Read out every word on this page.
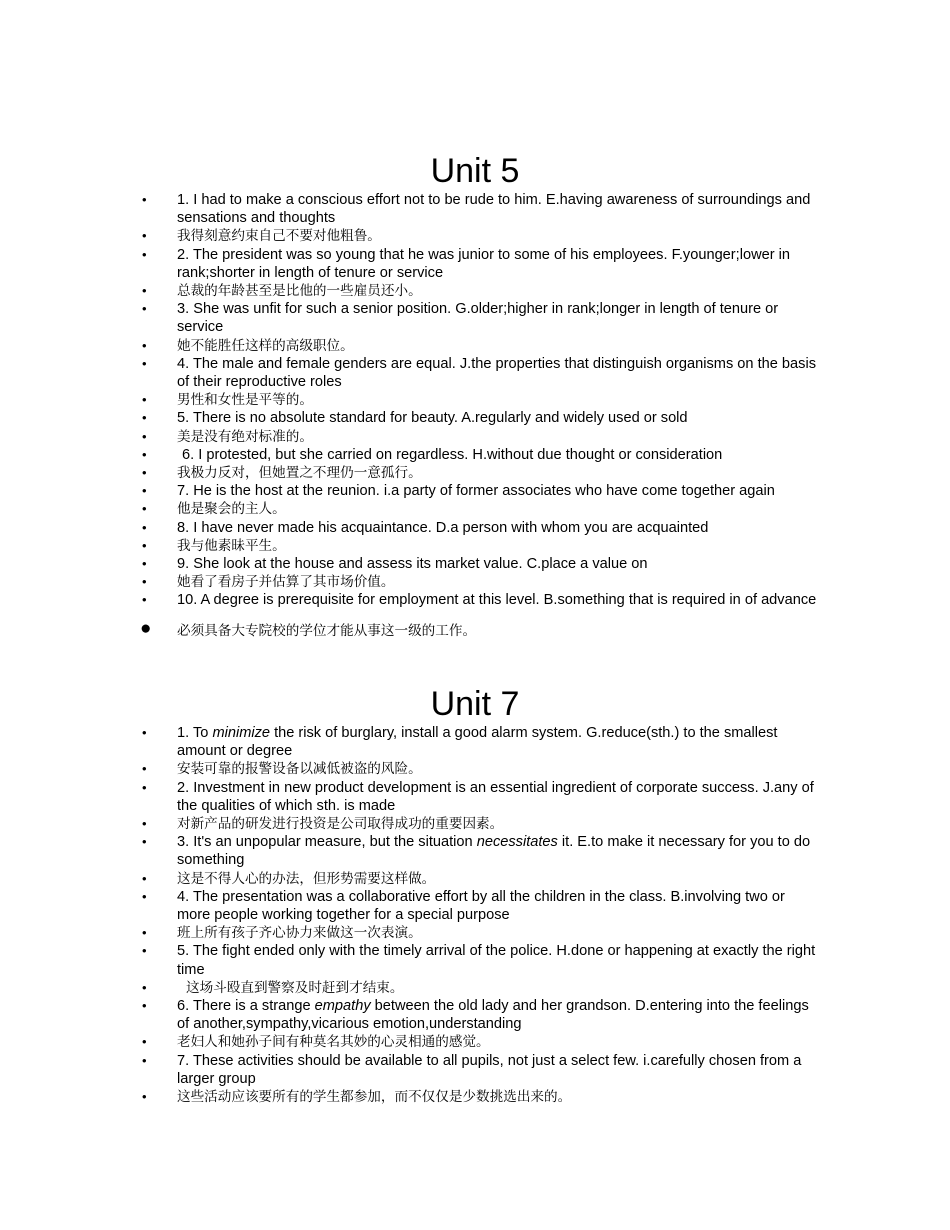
Unit 5
• 1. I had to make a conscious effort not to be rude to him. E.having awareness of surroundings and sensations and thoughts
• 我得刻意约束自己不要对他粗鲁。
• 2. The president was so young that he was junior to some of his employees. F.younger;lower in rank;shorter in length of tenure or service
• 总裁的年龄甚至是比他的一些雇员还小。
• 3. She was unfit for such a senior position. G.older;higher in rank;longer in length of tenure or service
• 她不能胜任这样的高级职位。
• 4. The male and female genders are equal. J.the properties that distinguish organisms on the basis of their reproductive roles
• 男性和女性是平等的。
• 5. There is no absolute standard for beauty. A.regularly and widely used or sold
• 美是没有绝对标准的。
• 6. I protested, but she carried on regardless. H.without due thought or consideration
• 我极力反对，但她置之不理仍一意孤行。
• 7. He is the host at the reunion. i.a party of former associates who have come together again
• 他是聚会的主人。
• 8. I have never made his acquaintance. D.a person with whom you are acquainted
• 我与他素昧平生。
• 9. She look at the house and assess its market value. C.place a value on
• 她看了看房子并估算了其市场价值。
• 10. A degree is prerequisite for employment at this level. B.something that is required in of advance
● 必须具备大专院校的学位才能从事这一级的工作。
Unit 7
• 1. To minimize the risk of burglary, install a good alarm system. G.reduce(sth.) to the smallest amount or degree
• 安装可靠的报警设备以减低被盗的风险。
• 2. Investment in new product development is an essential ingredient of corporate success. J.any of the qualities of which sth. is made
• 对新产品的研发进行投资是公司取得成功的重要因素。
• 3. It's an unpopular measure, but the situation necessitates it. E.to make it necessary for you to do something
• 这是不得人心的办法，但形势需要这样做。
• 4. The presentation was a collaborative effort by all the children in the class. B.involving two or more people working together for a special purpose
• 班上所有孩子齐心协力来做这一次表演。
• 5. The fight ended only with the timely arrival of the police. H.done or happening at exactly the right time
•	这场斗殴直到警察及时赶到才结束。
• 6. There is a strange empathy between the old lady and her grandson. D.entering into the feelings of another,sympathy,vicarious emotion,understanding
• 老妇人和她孙子间有种莫名其妙的心灵相通的感觉。
• 7. These activities should be available to all pupils, not just a select few. i.carefully chosen from a larger group
• 这些活动应该要所有的学生都参加，而不仅仅是少数挑选出来的。
